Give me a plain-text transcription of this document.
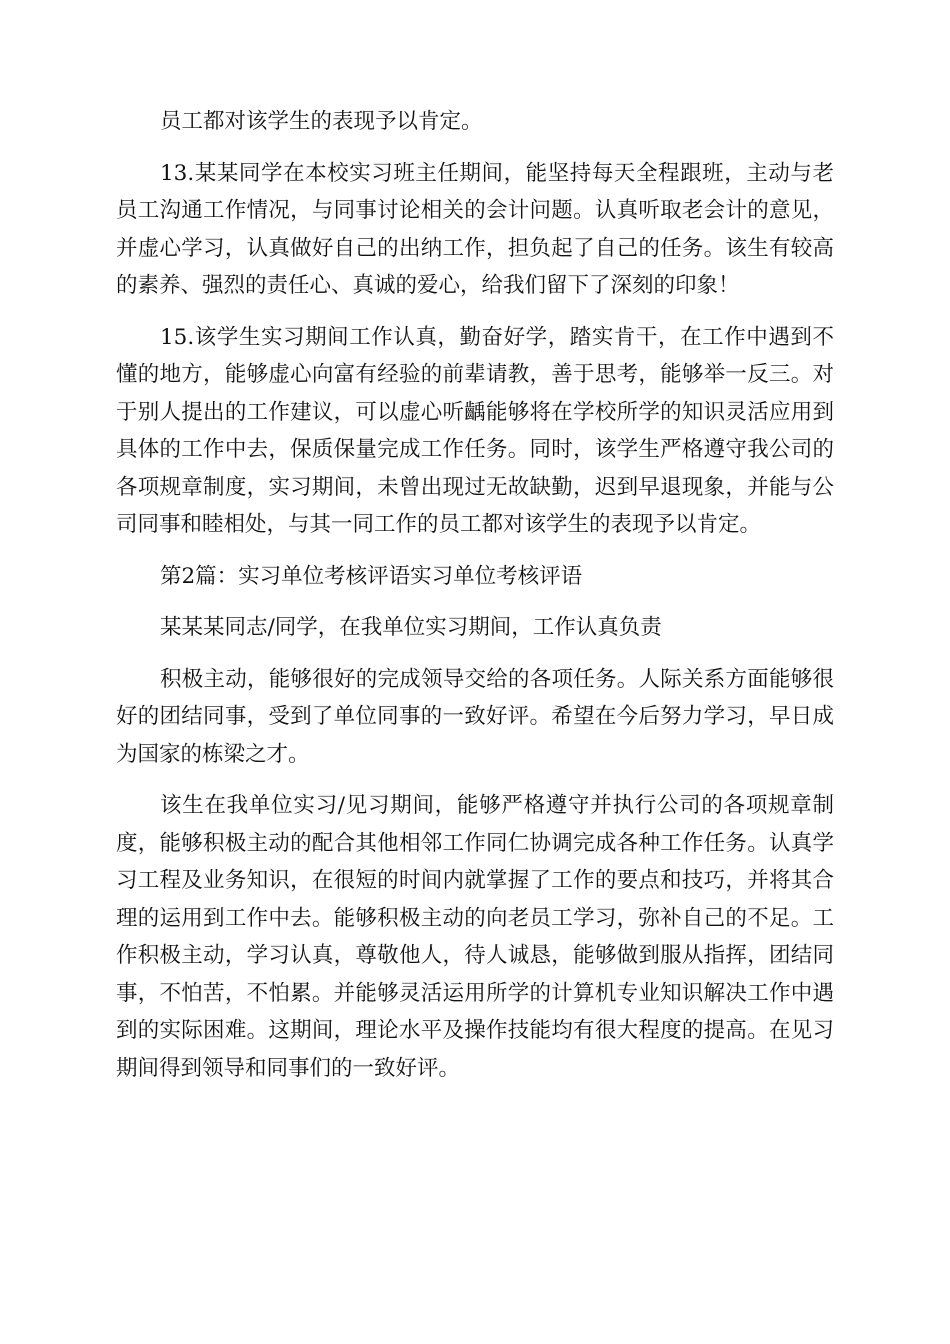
员工都对该学生的表现予以肯定。

13.某某同学在本校实习班主任期间，能坚持每天全程跟班，主动与老员工沟通工作情况，与同事讨论相关的会计问题。认真听取老会计的意见，并虚心学习，认真做好自己的出纳工作，担负起了自己的任务。该生有较高的素养、强烈的责任心、真诚的爱心，给我们留下了深刻的印象！

15.该学生实习期间工作认真，勤奋好学，踏实肯干，在工作中遇到不懂的地方，能够虚心向富有经验的前辈请教，善于思考，能够举一反三。对于别人提出的工作建议，可以虚心听齲能够将在学校所学的知识灵活应用到具体的工作中去，保质保量完成工作任务。同时，该学生严格遵守我公司的各项规章制度，实习期间，未曾出现过无故缺勤，迟到早退现象，并能与公司同事和睦相处，与其一同工作的员工都对该学生的表现予以肯定。

第2篇：实习单位考核评语实习单位考核评语

某某某同志/同学，在我单位实习期间，工作认真负责

积极主动，能够很好的完成领导交给的各项任务。人际关系方面能够很好的团结同事，受到了单位同事的一致好评。希望在今后努力学习，早日成为国家的栋梁之才。

该生在我单位实习/见习期间，能够严格遵守并执行公司的各项规章制度，能够积极主动的配合其他相邻工作同仁协调完成各种工作任务。认真学习工程及业务知识，在很短的时间内就掌握了工作的要点和技巧，并将其合理的运用到工作中去。能够积极主动的向老员工学习，弥补自己的不足。工作积极主动，学习认真，尊敬他人，待人诚恳，能够做到服从指挥，团结同事，不怕苦，不怕累。并能够灵活运用所学的计算机专业知识解决工作中遇到的实际困难。这期间，理论水平及操作技能均有很大程度的提高。在见习期间得到领导和同事们的一致好评。
